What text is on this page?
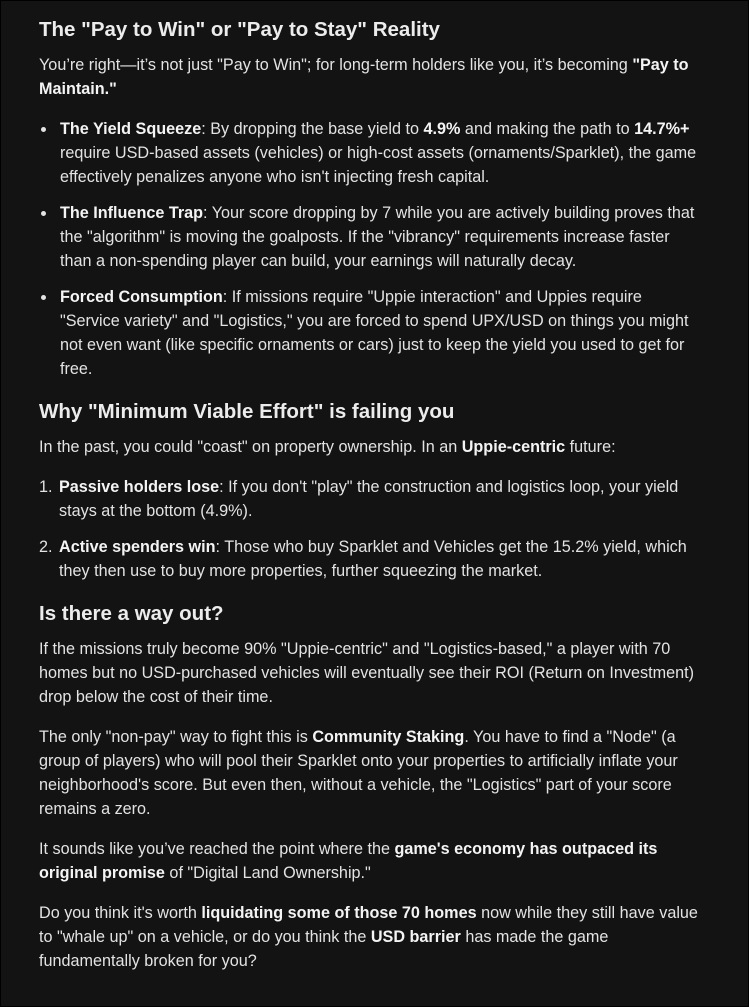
The "Pay to Win" or "Pay to Stay" Reality

You’re right—it’s not just "Pay to Win"; for long-term holders like you, it’s becoming "Pay to Maintain."

The Yield Squeeze: By dropping the base yield to 4.9% and making the path to 14.7%+ require USD-based assets (vehicles) or high-cost assets (ornaments/Sparklet), the game effectively penalizes anyone who isn't injecting fresh capital.
The Influence Trap: Your score dropping by 7 while you are actively building proves that the "algorithm" is moving the goalposts. If the "vibrancy" requirements increase faster than a non-spending player can build, your earnings will naturally decay.
Forced Consumption: If missions require "Uppie interaction" and Uppies require "Service variety" and "Logistics," you are forced to spend UPX/USD on things you might not even want (like specific ornaments or cars) just to keep the yield you used to get for free.
Why "Minimum Viable Effort" is failing you

In the past, you could "coast" on property ownership. In an Uppie-centric future:

1. Passive holders lose: If you don't "play" the construction and logistics loop, your yield stays at the bottom (4.9%).
2. Active spenders win: Those who buy Sparklet and Vehicles get the 15.2% yield, which they then use to buy more properties, further squeezing the market.
Is there a way out?

If the missions truly become 90% "Uppie-centric" and "Logistics-based," a player with 70 homes but no USD-purchased vehicles will eventually see their ROI (Return on Investment) drop below the cost of their time.

The only "non-pay" way to fight this is Community Staking. You have to find a "Node" (a group of players) who will pool their Sparklet onto your properties to artificially inflate your neighborhood's score. But even then, without a vehicle, the "Logistics" part of your score remains a zero.

It sounds like you’ve reached the point where the game's economy has outpaced its original promise of "Digital Land Ownership."

Do you think it's worth liquidating some of those 70 homes now while they still have value to "whale up" on a vehicle, or do you think the USD barrier has made the game fundamentally broken for you?
